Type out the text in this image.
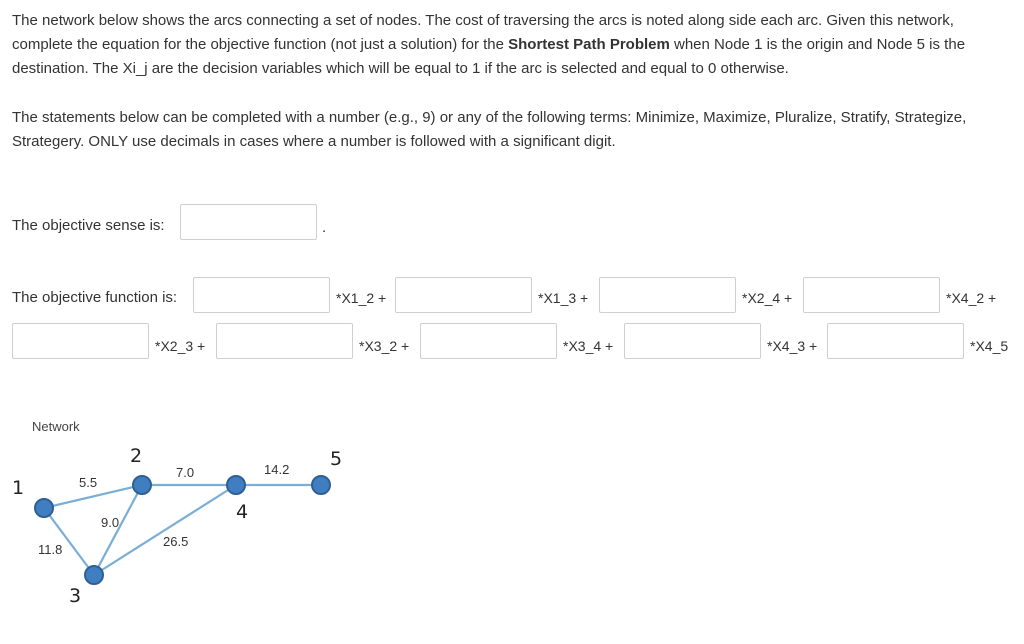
The network below shows the arcs connecting a set of nodes. The cost of traversing the arcs is noted along side each arc. Given this network, complete the equation for the objective function (not just a solution) for the Shortest Path Problem when Node 1 is the origin and Node 5 is the destination. The Xi_j are the decision variables which will be equal to 1 if the arc is selected and equal to 0 otherwise.

The statements below can be completed with a number (e.g., 9) or any of the following terms: Minimize, Maximize, Pluralize, Stratify, Strategize, Strategery. ONLY use decimals in cases where a number is followed with a significant digit.

The objective sense is:	.
The objective function is:	*X1_2 +	*X1_3 +	*X2_4 +	*X4_2 +
*X2_3 +	*X3_2 +	*X3_4 +	*X4_3 +	*X4_5
Network
1
2
3
4
5
5.5
7.0	14.2
9.0
11.8
26.5
